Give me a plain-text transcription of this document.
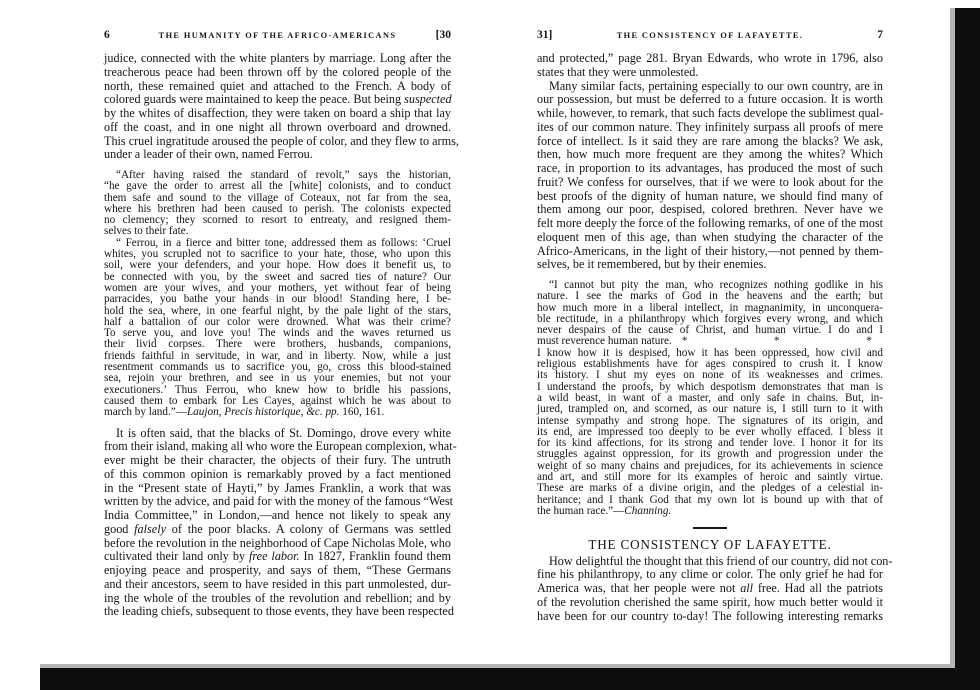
6	THE HUMANITY OF THE AFRICO-AMERICANS	[30
judice, connected with the white planters by marriage. Long after the
treacherous peace had been thrown off by the colored people of the
north, these remained quiet and attached to the French. A body of
colored guards were maintained to keep the peace. But being suspected
by the whites of disaffection, they were taken on board a ship that lay
off the coast, and in one night all thrown overboard and drowned.
This cruel ingratitude aroused the people of color, and they flew to arms,
under a leader of their own, named Ferrou.
“After having raised the standard of revolt,” says the historian,
“he gave the order to arrest all the [white] colonists, and to conduct
them safe and sound to the village of Coteaux, not far from the sea,
where his brethren had been caused to perish. The colonists expected
no clemency; they scorned to resort to entreaty, and resigned them-
selves to their fate.
“ Ferrou, in a fierce and bitter tone, addressed them as follows: ‘Cruel
whites, you scrupled not to sacrifice to your hate, those, who upon this
soil, were your defenders, and your hope. How does it benefit us, to
be connected with you, by the sweet and sacred ties of nature? Our
women are your wives, and your mothers, yet without fear of being
parracides, you bathe your hands in our blood! Standing here, I be-
hold the sea, where, in one fearful night, by the pale light of the stars,
half a battalion of our color were drowned. What was their crime?
To serve you, and love you! The winds and the waves returned us
their livid corpses. There were brothers, husbands, companions,
friends faithful in servitude, in war, and in liberty. Now, while a just
resentment commands us to sacrifice you, go, cross this blood-stained
sea, rejoin your brethren, and see in us your enemies, but not your
executioners.’ Thus Ferrou, who knew how to bridle his passions,
caused them to embark for Les Cayes, against which he was about to
march by land.”—Laujon, Precis historique, &c. pp. 160, 161.
It is often said, that the blacks of St. Domingo, drove every white
from their island, making all who wore the European complexion, what-
ever might be their character, the objects of their fury. The untruth
of this common opinion is remarkably proved by a fact mentioned
in the “Present state of Hayti,” by James Franklin, a work that was
written by the advice, and paid for with the money of the famous “West
India Committee,” in London,—and hence not likely to speak any
good falsely of the poor blacks. A colony of Germans was settled
before the revolution in the neighborhood of Cape Nicholas Mole, who
cultivated their land only by free labor. In 1827, Franklin found them
enjoying peace and prosperity, and says of them, “These Germans
and their ancestors, seem to have resided in this part unmolested, dur-
ing the whole of the troubles of the revolution and rebellion; and by
the leading chiefs, subsequent to those events, they have been respected
31]	THE CONSISTENCY OF LAFAYETTE.	7
and protected,” page 281. Bryan Edwards, who wrote in 1796, also
states that they were unmolested.
Many similar facts, pertaining especially to our own country, are in
our possession, but must be deferred to a future occasion. It is worth
while, however, to remark, that such facts develope the sublimest qual-
ites of our common nature. They infinitely surpass all proofs of mere
force of intellect. Is it said they are rare among the blacks? We ask,
then, how much more frequent are they among the whites? Which
race, in proportion to its advantages, has produced the most of such
fruit? We confess for ourselves, that if we were to look about for the
best proofs of the dignity of human nature, we should find many of
them among our poor, despised, colored brethren. Never have we
felt more deeply the force of the following remarks, of one of the most
eloquent men of this age, than when studying the character of the
Africo-Americans, in the light of their history,—not penned by them-
selves, be it remembered, but by their enemies.
“I cannot but pity the man, who recognizes nothing godlike in his
nature. I see the marks of God in the heavens and the earth; but
how much more in a liberal intellect, in magnanimity, in unconquera-
ble rectitude, in a philanthropy which forgives every wrong, and which
never despairs of the cause of Christ, and human virtue. I do and I
must reverence human nature. *	*	*
I know how it is despised, how it has been oppressed, how civil and
religious establishments have for ages conspired to crush it. I know
its history. I shut my eyes on none of its weaknesses and crimes.
I understand the proofs, by which despotism demonstrates that man is
a wild beast, in want of a master, and only safe in chains. But, in-
jured, trampled on, and scorned, as our nature is, I still turn to it with
intense sympathy and strong hope. The signatures of its origin, and
its end, are impressed too deeply to be ever wholly effaced. I bless it
for its kind affections, for its strong and tender love. I honor it for its
struggles against oppression, for its growth and progression under the
weight of so many chains and prejudices, for its achievements in science
and art, and still more for its examples of heroic and saintly virtue.
These are marks of a divine origin, and the pledges of a celestial in-
heritance; and I thank God that my own lot is bound up with that of
the human race.”—Channing.
THE CONSISTENCY OF LAFAYETTE.
How delightful the thought that this friend of our country, did not con-
fine his philanthropy, to any clime or color. The only grief he had for
America was, that her people were not all free. Had all the patriots
of the revolution cherished the same spirit, how much better would it
have been for our country to-day! The following interesting remarks
